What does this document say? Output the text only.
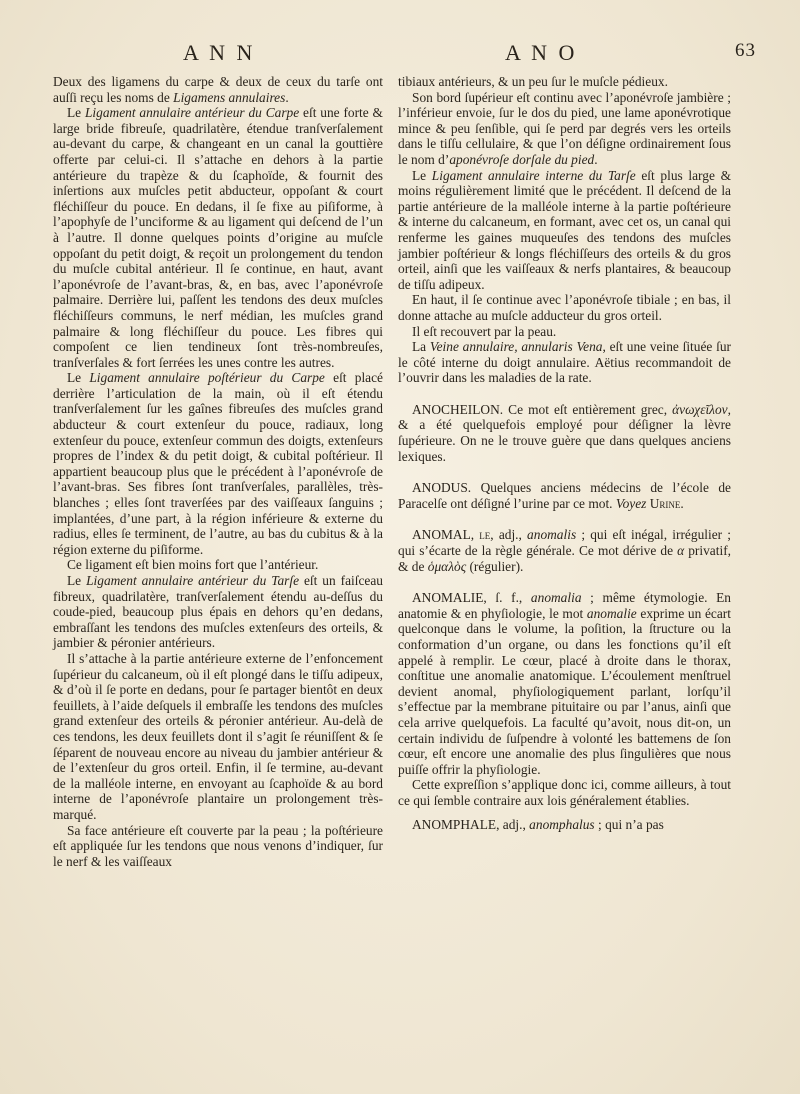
A N N	A N O	63

Deux des ligamens du carpe & deux de ceux du tarſe ont auſſi reçu les noms de Ligamens annulaires.

Le Ligament annulaire antérieur du Carpe eſt une forte & large bride fibreuſe, quadrilatère, étendue tranſverſalement au-devant du carpe, & changeant en un canal la gouttière offerte par celui-ci. Il s’attache en dehors à la partie antérieure du trapèze & du ſcaphoïde, & fournit des inſertions aux muſcles petit abducteur, oppoſant & court fléchiſſeur du pouce. En dedans, il ſe fixe au piſiforme, à l’apophyſe de l’unciforme & au ligament qui deſcend de l’un à l’autre. Il donne quelques points d’origine au muſcle oppoſant du petit doigt, & reçoit un prolongement du tendon du muſcle cubital antérieur. Il ſe continue, en haut, avant l’aponévroſe de l’avant-bras, &, en bas, avec l’aponévroſe palmaire. Derrière lui, paſſent les tendons des deux muſcles fléchiſſeurs communs, le nerf médian, les muſcles grand palmaire & long fléchiſſeur du pouce. Les fibres qui compoſent ce lien tendineux ſont très-nombreuſes, tranſverſales & fort ſerrées les unes contre les autres.

Le Ligament annulaire poſtérieur du Carpe eſt placé derrière l’articulation de la main, où il eſt étendu tranſverſalement ſur les gaînes fibreuſes des muſcles grand abducteur & court extenſeur du pouce, radiaux, long extenſeur du pouce, extenſeur commun des doigts, extenſeurs propres de l’index & du petit doigt, & cubital poſtérieur. Il appartient beaucoup plus que le précédent à l’aponévroſe de l’avant-bras. Ses fibres ſont tranſverſales, parallèles, très-blanches ; elles ſont traverſées par des vaiſſeaux ſanguins ; implantées, d’une part, à la région inférieure & externe du radius, elles ſe terminent, de l’autre, au bas du cubitus & à la région externe du piſiforme.

Ce ligament eſt bien moins fort que l’antérieur.

Le Ligament annulaire antérieur du Tarſe eſt un faiſceau fibreux, quadrilatère, tranſverſalement étendu au-deſſus du coude-pied, beaucoup plus épais en dehors qu’en dedans, embraſſant les tendons des muſcles extenſeurs des orteils, & jambier & péronier antérieurs.

Il s’attache à la partie antérieure externe de l’enfoncement ſupérieur du calcaneum, où il eſt plongé dans le tiſſu adipeux, & d’où il ſe porte en dedans, pour ſe partager bientôt en deux feuillets, à l’aide deſquels il embraſſe les tendons des muſcles grand extenſeur des orteils & péronier antérieur. Au-delà de ces tendons, les deux feuillets dont il s’agit ſe réuniſſent & ſe ſéparent de nouveau encore au niveau du jambier antérieur & de l’extenſeur du gros orteil. Enfin, il ſe termine, au-devant de la malléole interne, en envoyant au ſcaphoïde & au bord interne de l’aponévroſe plantaire un prolongement très-marqué.

Sa face antérieure eſt couverte par la peau ; la poſtérieure eſt appliquée ſur les tendons que nous venons d’indiquer, ſur le nerf & les vaiſſeaux

tibiaux antérieurs, & un peu ſur le muſcle pédieux.

Son bord ſupérieur eſt continu avec l’aponévroſe jambière ; l’inférieur envoie, ſur le dos du pied, une lame aponévrotique mince & peu ſenſible, qui ſe perd par degrés vers les orteils dans le tiſſu cellulaire, & que l’on déſigne ordinairement ſous le nom d’aponévroſe dorſale du pied.

Le Ligament annulaire interne du Tarſe eſt plus large & moins régulièrement limité que le précédent. Il deſcend de la partie antérieure de la malléole interne à la partie poſtérieure & interne du calcaneum, en formant, avec cet os, un canal qui renferme les gaines muqueuſes des tendons des muſcles jambier poſtérieur & longs fléchiſſeurs des orteils & du gros orteil, ainſi que les vaiſſeaux & nerfs plantaires, & beaucoup de tiſſu adipeux.

En haut, il ſe continue avec l’aponévroſe tibiale ; en bas, il donne attache au muſcle adducteur du gros orteil.

Il eſt recouvert par la peau.

La Veine annulaire, annularis Vena, eſt une veine ſituée ſur le côté interne du doigt annulaire. Aëtius recommandoit de l’ouvrir dans les maladies de la rate.

ANOCHEILON. Ce mot eſt entièrement grec, ἀνωχεῖλον, & a été quelquefois employé pour déſigner la lèvre ſupérieure. On ne le trouve guère que dans quelques anciens lexiques.

ANODUS. Quelques anciens médecins de l’école de Paracelſe ont déſigné l’urine par ce mot. Voyez Urine.

ANOMAL, le, adj., anomalis ; qui eſt inégal, irrégulier ; qui s’écarte de la règle générale. Ce mot dérive de α privatif, & de ὁμαλὸς (régulier).

ANOMALIE, ſ. f., anomalia ; même étymologie. En anatomie & en phyſiologie, le mot anomalie exprime un écart quelconque dans le volume, la poſition, la ſtructure ou la conformation d’un organe, ou dans les fonctions qu’il eſt appelé à remplir. Le cœur, placé à droite dans le thorax, conſtitue une anomalie anatomique. L’écoulement menſtruel devient anomal, phyſiologiquement parlant, lorſqu’il s’effectue par la membrane pituitaire ou par l’anus, ainſi que cela arrive quelquefois. La faculté qu’avoit, nous dit-on, un certain individu de ſuſpendre à volonté les battemens de ſon cœur, eſt encore une anomalie des plus ſingulières que nous puiſſe offrir la phyſiologie.

Cette expreſſion s’applique donc ici, comme ailleurs, à tout ce qui ſemble contraire aux lois généralement établies.

ANOMPHALE, adj., anomphalus ; qui n’a pas
